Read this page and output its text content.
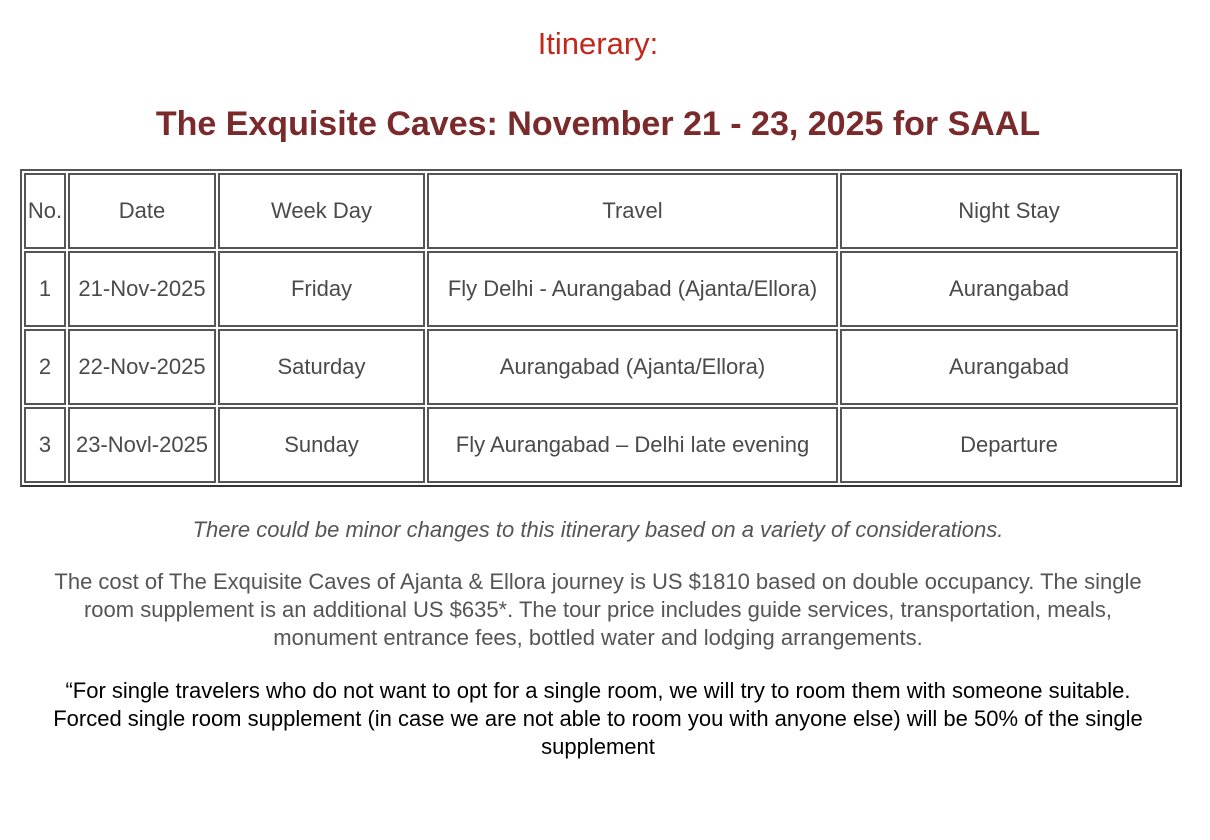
Itinerary:
The Exquisite Caves: November 21 - 23, 2025 for SAAL
No.	Date	Week Day	Travel	Night Stay
1	21-Nov-2025	Friday	Fly Delhi - Aurangabad (Ajanta/Ellora)	Aurangabad
2	22-Nov-2025	Saturday	Aurangabad (Ajanta/Ellora)	Aurangabad
3	23-Novl-2025	Sunday	Fly Aurangabad – Delhi late evening	Departure
There could be minor changes to this itinerary based on a variety of considerations.
The cost of The Exquisite Caves of Ajanta & Ellora journey is US $1810 based on double occupancy. The single room supplement is an additional US $635*. The tour price includes guide services, transportation, meals, monument entrance fees, bottled water and lodging arrangements.

“For single travelers who do not want to opt for a single room, we will try to room them with someone suitable.

Forced single room supplement (in case we are not able to room you with anyone else) will be 50% of the single supplement
